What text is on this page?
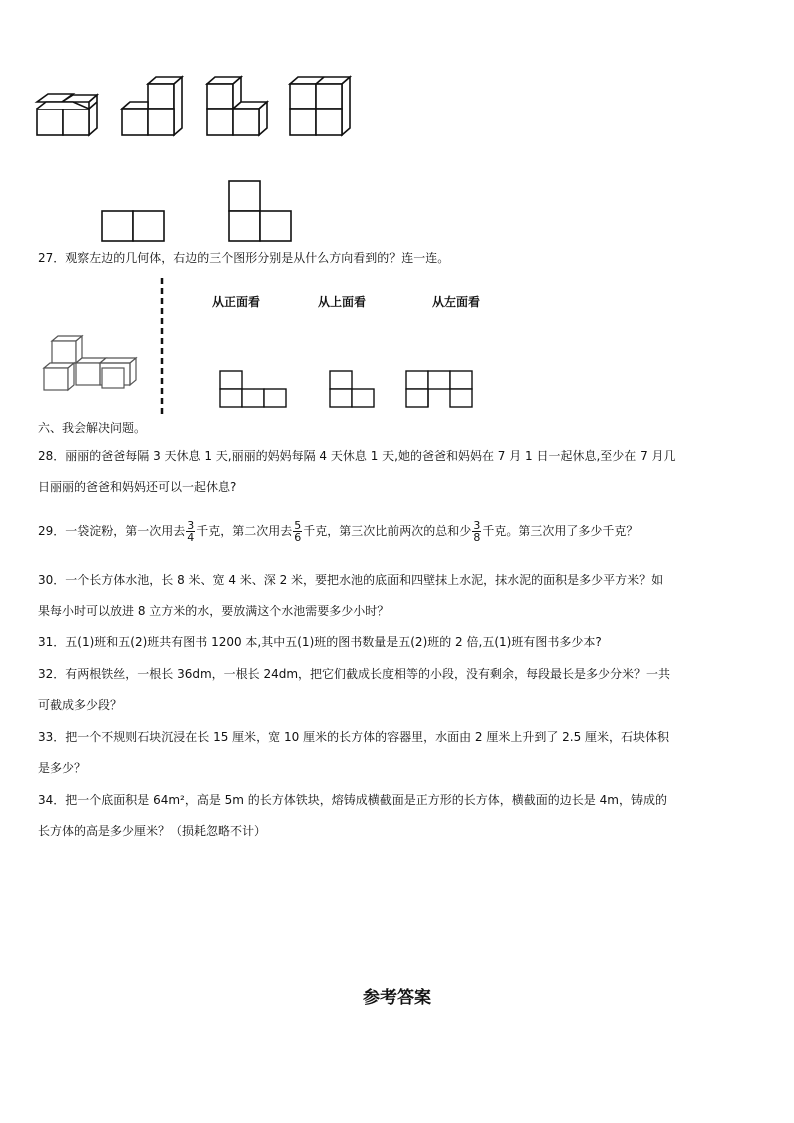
27．观察左边的几何体，右边的三个图形分别是从什么方向看到的？连一连。
从正面看	从上面看	从左面看
六、我会解决问题。
28．丽丽的爸爸每隔 3 天休息 1 天,丽丽的妈妈每隔 4 天休息 1 天,她的爸爸和妈妈在 7 月 1 日一起休息,至少在 7 月几
日丽丽的爸爸和妈妈还可以一起休息?
29．一袋淀粉，第一次用去 $\frac{3}{4}$ 千克，第二次用去 $\frac{5}{6}$ 千克，第三次比前两次的总和少 $\frac{3}{8}$ 千克。第三次用了多少千克？
30．一个长方体水池，长 8 米、宽 4 米、深 2 米，要把水池的底面和四壁抹上水泥，抹水泥的面积是多少平方米？如
果每小时可以放进 8 立方米的水，要放满这个水池需要多少小时？
31．五(1)班和五(2)班共有图书 1200 本,其中五(1)班的图书数量是五(2)班的 2 倍,五(1)班有图书多少本?
32．有两根铁丝，一根长 36dm，一根长 24dm，把它们截成长度相等的小段，没有剩余，每段最长是多少分米？一共
可截成多少段？
33．把一个不规则石块沉浸在长 15 厘米，宽 10 厘米的长方体的容器里，水面由 2 厘米上升到了 2.5 厘米，石块体积
是多少？
34．把一个底面积是 64m²，高是 5m 的长方体铁块，熔铸成横截面是正方形的长方体，横截面的边长是 4m，铸成的
长方体的高是多少厘米？（损耗忽略不计）
参考答案
